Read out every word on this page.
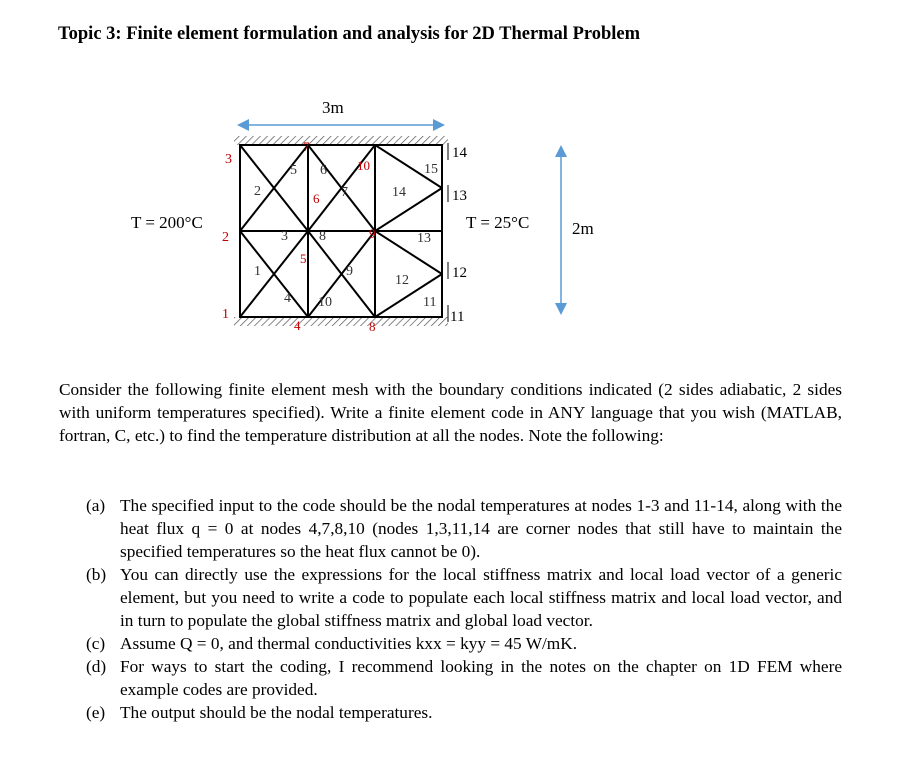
Topic 3: Finite element formulation and analysis for 2D Thermal Problem
3m
2m
T = 200°C	T = 25°C
3
2
1
14
13
12
11
7
10
6
9
5
4	8
2
5 6
7	14
15
3 8	13
1	9
12
4 10	11

Consider the following finite element mesh with the boundary conditions indicated (2 sides adiabatic, 2 sides with uniform temperatures specified). Write a finite element code in ANY language that you wish (MATLAB, fortran, C, etc.) to find the temperature distribution at all the nodes. Note the following:

(a) The specified input to the code should be the nodal temperatures at nodes 1-3 and 11-14, along with the heat flux q = 0 at nodes 4,7,8,10 (nodes 1,3,11,14 are corner nodes that still have to maintain the specified temperatures so the heat flux cannot be 0).
(b) You can directly use the expressions for the local stiffness matrix and local load vector of a generic element, but you need to write a code to populate each local stiffness matrix and local load vector, and in turn to populate the global stiffness matrix and global load vector.
(c) Assume Q = 0, and thermal conductivities kxx = kyy = 45 W/mK.
(d) For ways to start the coding, I recommend looking in the notes on the chapter on 1D FEM where example codes are provided.
(e) The output should be the nodal temperatures.
